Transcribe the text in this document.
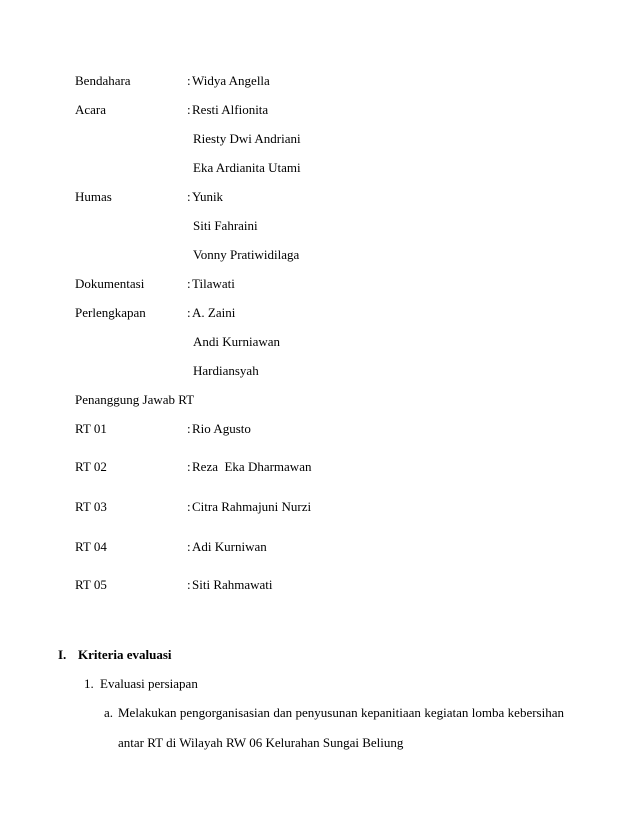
Bendahara	:Widya Angella
Acara	:Resti Alfionita
Riesty Dwi Andriani
Eka Ardianita Utami
Humas	:Yunik
Siti Fahraini
Vonny Pratiwidilaga
Dokumentasi	:Tilawati
Perlengkapan	:A. Zaini
Andi Kurniawan
Hardiansyah
Penanggung Jawab RT
RT 01	:Rio Agusto
RT 02	:Reza  Eka Dharmawan
RT 03	:Citra Rahmajuni Nurzi
RT 04	:Adi Kurniwan
RT 05	:Siti Rahmawati
I. Kriteria evaluasi
1. Evaluasi persiapan
a. Melakukan pengorganisasian dan penyusunan kepanitiaan kegiatan lomba kebersihan
antar RT di Wilayah RW 06 Kelurahan Sungai Beliung
